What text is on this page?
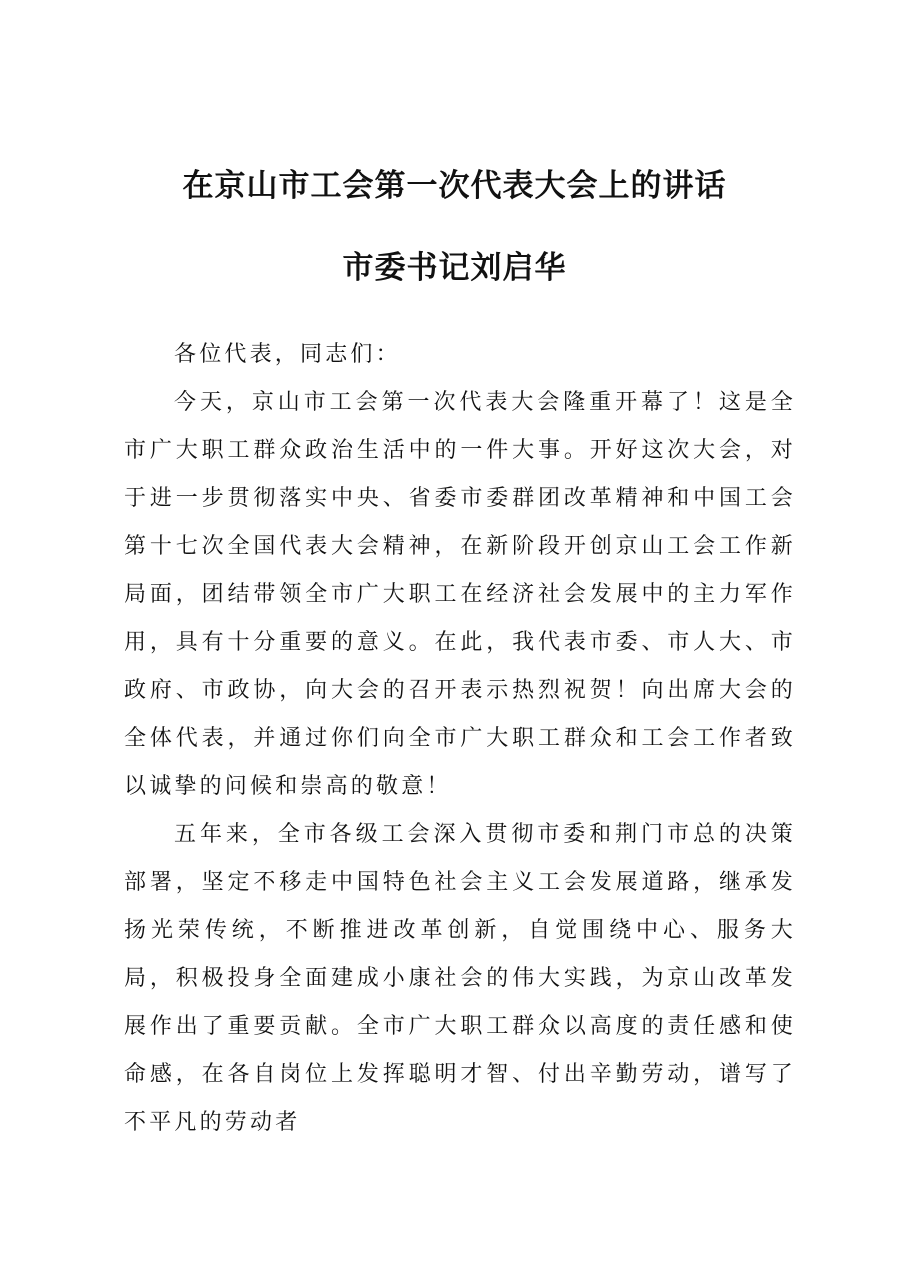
在京山市工会第一次代表大会上的讲话
市委书记刘启华

各位代表，同志们：

今天，京山市工会第一次代表大会隆重开幕了！这是全市广大职工群众政治生活中的一件大事。开好这次大会，对于进一步贯彻落实中央、省委市委群团改革精神和中国工会第十七次全国代表大会精神，在新阶段开创京山工会工作新局面，团结带领全市广大职工在经济社会发展中的主力军作用，具有十分重要的意义。在此，我代表市委、市人大、市政府、市政协，向大会的召开表示热烈祝贺！向出席大会的全体代表，并通过你们向全市广大职工群众和工会工作者致以诚挚的问候和崇高的敬意！

五年来，全市各级工会深入贯彻市委和荆门市总的决策部署，坚定不移走中国特色社会主义工会发展道路，继承发扬光荣传统，不断推进改革创新，自觉围绕中心、服务大局，积极投身全面建成小康社会的伟大实践，为京山改革发展作出了重要贡献。全市广大职工群众以高度的责任感和使命感，在各自岗位上发挥聪明才智、付出辛勤劳动，谱写了不平凡的劳动者
